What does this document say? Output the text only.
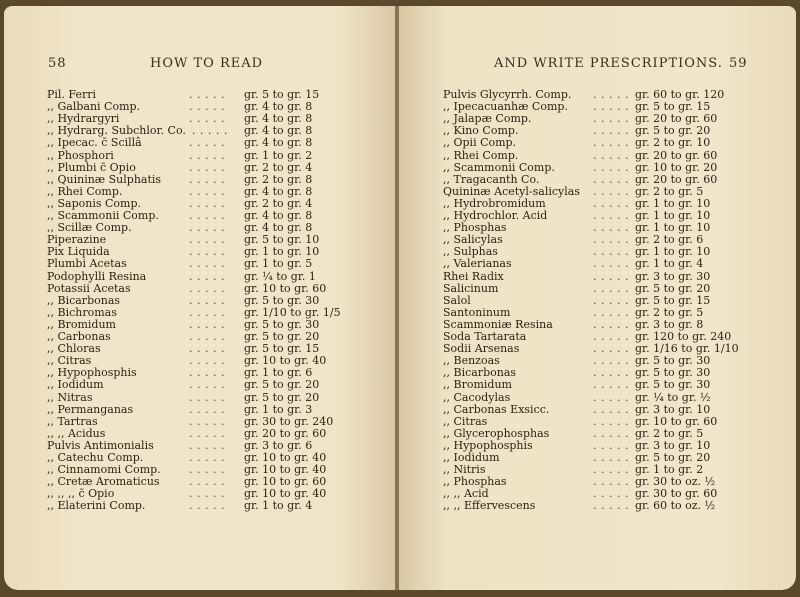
58	HOW TO READ
Pil. Ferri	. . . . . gr. 5 to gr. 15
,, Galbani Comp.	. . . . . gr. 4 to gr. 8
,, Hydrargyri	. . . . . gr. 4 to gr. 8
,, Hydrarg. Subchlor. Co. . . . . . gr. 4 to gr. 8
,, Ipecac. c̄ Scillâ	. . . . . gr. 4 to gr. 8
,, Phosphori	. . . . . gr. 1 to gr. 2
,, Plumbi c̄ Opio	. . . . . gr. 2 to gr. 4
,, Quininæ Sulphatis	. . . . . gr. 2 to gr. 8
,, Rhei Comp.	. . . . . gr. 4 to gr. 8
,, Saponis Comp.	. . . . . gr. 2 to gr. 4
,, Scammonii Comp.	. . . . . gr. 4 to gr. 8
,, Scillæ Comp.	. . . . . gr. 4 to gr. 8
Piperazine	. . . . . gr. 5 to gr. 10
Pix Liquida	. . . . . gr. 1 to gr. 10
Plumbi Acetas	. . . . . gr. 1 to gr. 5
Podophylli Resina	. . . . . gr. ¼ to gr. 1
Potassii Acetas	. . . . . gr. 10 to gr. 60
,, Bicarbonas	. . . . . gr. 5 to gr. 30
,, Bichromas	. . . . . gr. 1/10 to gr. 1/5
,, Bromidum	. . . . . gr. 5 to gr. 30
,, Carbonas	. . . . . gr. 5 to gr. 20
,, Chloras	. . . . . gr. 5 to gr. 15
,, Citras	. . . . . gr. 10 to gr. 40
,, Hypophosphis	. . . . . gr. 1 to gr. 6
,, Iodidum	. . . . . gr. 5 to gr. 20
,, Nitras	. . . . . gr. 5 to gr. 20
,, Permanganas	. . . . . gr. 1 to gr. 3
,, Tartras	. . . . . gr. 30 to gr. 240
,, ,, Acidus	. . . . . gr. 20 to gr. 60
Pulvis Antimonialis	. . . . . gr. 3 to gr. 6
,, Catechu Comp.	. . . . . gr. 10 to gr. 40
,, Cinnamomi Comp.	. . . . . gr. 10 to gr. 40
,, Cretæ Aromaticus	. . . . . gr. 10 to gr. 60
,, ,, ,, c̄ Opio	. . . . . gr. 10 to gr. 40
,, Elaterini Comp.	. . . . . gr. 1 to gr. 4
AND WRITE PRESCRIPTIONS. 59
Pulvis Glycyrrh. Comp. . . . . . gr. 60 to gr. 120
,, Ipecacuanhæ Comp. . . . . . gr. 5 to gr. 15
,, Jalapæ Comp.	. . . . . gr. 20 to gr. 60
,, Kino Comp.	. . . . . gr. 5 to gr. 20
,, Opii Comp.	. . . . . gr. 2 to gr. 10
,, Rhei Comp.	. . . . . gr. 20 to gr. 60
,, Scammonii Comp.	. . . . . gr. 10 to gr. 20
,, Tragacanth Co.	. . . . . gr. 20 to gr. 60
Quininæ Acetyl-salicylas . . . . . gr. 2 to gr. 5
,, Hydrobromidum	. . . . . gr. 1 to gr. 10
,, Hydrochlor. Acid	. . . . . gr. 1 to gr. 10
,, Phosphas	. . . . . gr. 1 to gr. 10
,, Salicylas	. . . . . gr. 2 to gr. 6
,, Sulphas	. . . . . gr. 1 to gr. 10
,, Valerianas	. . . . . gr. 1 to gr. 4
Rhei Radix	. . . . . gr. 3 to gr. 30
Salicinum	. . . . . gr. 5 to gr. 20
Salol	. . . . . gr. 5 to gr. 15
Santoninum	. . . . . gr. 2 to gr. 5
Scammoniæ Resina	. . . . . gr. 3 to gr. 8
Soda Tartarata	. . . . . gr. 120 to gr. 240
Sodii Arsenas	. . . . . gr. 1/16 to gr. 1/10
,, Benzoas	. . . . . gr. 5 to gr. 30
,, Bicarbonas	. . . . . gr. 5 to gr. 30
,, Bromidum	. . . . . gr. 5 to gr. 30
,, Cacodylas	. . . . . gr. ¼ to gr. ½
,, Carbonas Exsicc.	. . . . . gr. 3 to gr. 10
,, Citras	. . . . . gr. 10 to gr. 60
,, Glycerophosphas	. . . . . gr. 2 to gr. 5
,, Hypophosphis	. . . . . gr. 3 to gr. 10
,, Iodidum	. . . . . gr. 5 to gr. 20
,, Nitris	. . . . . gr. 1 to gr. 2
,, Phosphas	. . . . . gr. 30 to oz. ½
,, ,, Acid	. . . . . gr. 30 to gr. 60
,, ,, Effervescens	. . . . . gr. 60 to oz. ½
